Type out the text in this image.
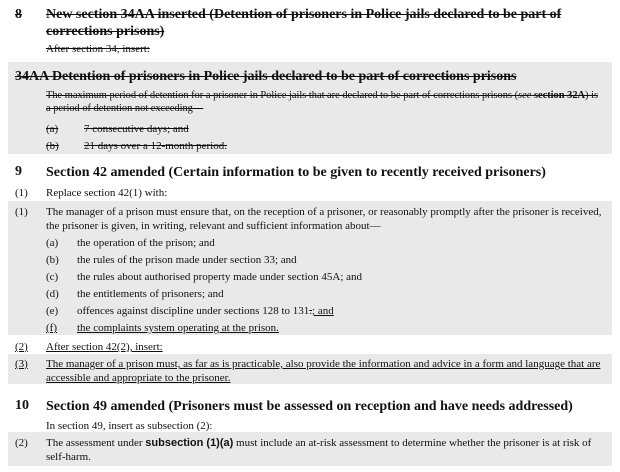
8 New section 34AA inserted (Detention of prisoners in Police jails declared to be part of corrections prisons)
After section 34, insert:
34AA Detention of prisoners in Police jails declared to be part of corrections prisons
The maximum period of detention for a prisoner in Police jails that are declared to be part of corrections prisons (see section 32A) is a period of detention not exceeding—
(a) 7 consecutive days; and
(b) 21 days over a 12-month period.
9 Section 42 amended (Certain information to be given to recently received prisoners)
(1) Replace section 42(1) with:
(1) The manager of a prison must ensure that, on the reception of a prisoner, or reasonably promptly after the prisoner is received, the prisoner is given, in writing, relevant and sufficient information about—
(a) the operation of the prison; and
(b) the rules of the prison made under section 33; and
(c) the rules about authorised property made under section 45A; and
(d) the entitlements of prisoners; and
(e) offences against discipline under sections 128 to 131.; and
(f) the complaints system operating at the prison.
(2) After section 42(2), insert:
(3) The manager of a prison must, as far as is practicable, also provide the information and advice in a form and language that are accessible and appropriate to the prisoner.
10 Section 49 amended (Prisoners must be assessed on reception and have needs addressed)
In section 49, insert as subsection (2):
(2) The assessment under subsection (1)(a) must include an at-risk assessment to determine whether the prisoner is at risk of self-harm.
